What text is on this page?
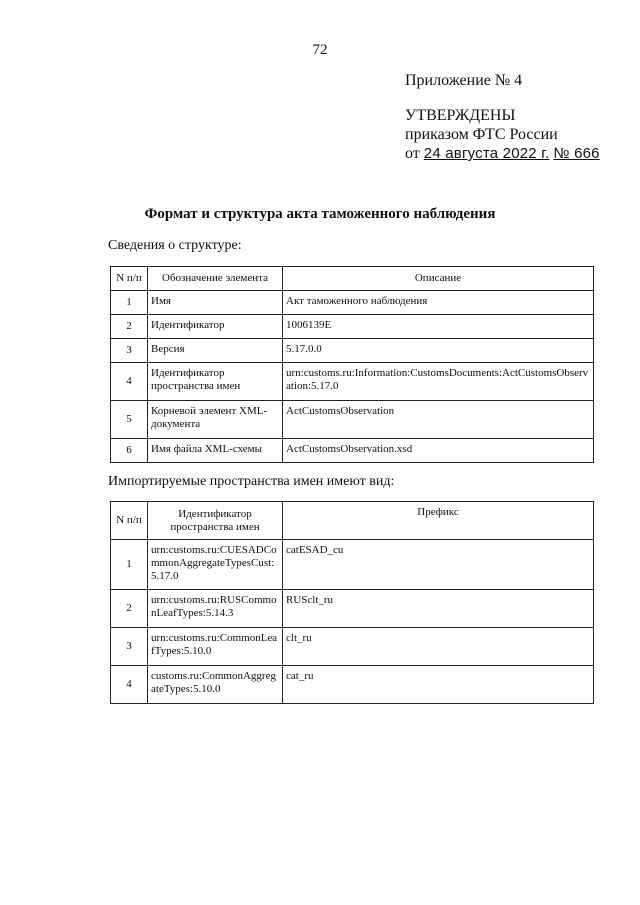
72
Приложение № 4
УТВЕРЖДЕНЫ
приказом ФТС России
от 24 августа 2022 г. № 666
Формат и структура акта таможенного наблюдения
Сведения о структуре:
N п/п	Обозначение элемента	Описание
1	Имя	Акт таможенного наблюдения
2	Идентификатор	1006139E
3	Версия	5.17.0.0
4	Идентификатор пространства имен	urn:customs.ru:Information:CustomsDocuments:ActCustomsObservation:5.17.0
5	Корневой элемент XML-документа	ActCustomsObservation
6	Имя файла XML-схемы	ActCustomsObservation.xsd
Импортируемые пространства имен имеют вид:
N п/п	Идентификатор пространства имен	Префикс
1	urn:customs.ru:CUESADCommonAggregateTypesCust:5.17.0	catESAD_cu
2	urn:customs.ru:RUSCommonLeafTypes:5.14.3	RUSclt_ru
3	urn:customs.ru:CommonLeafTypes:5.10.0	clt_ru
4	customs.ru:CommonAggregateTypes:5.10.0	cat_ru
